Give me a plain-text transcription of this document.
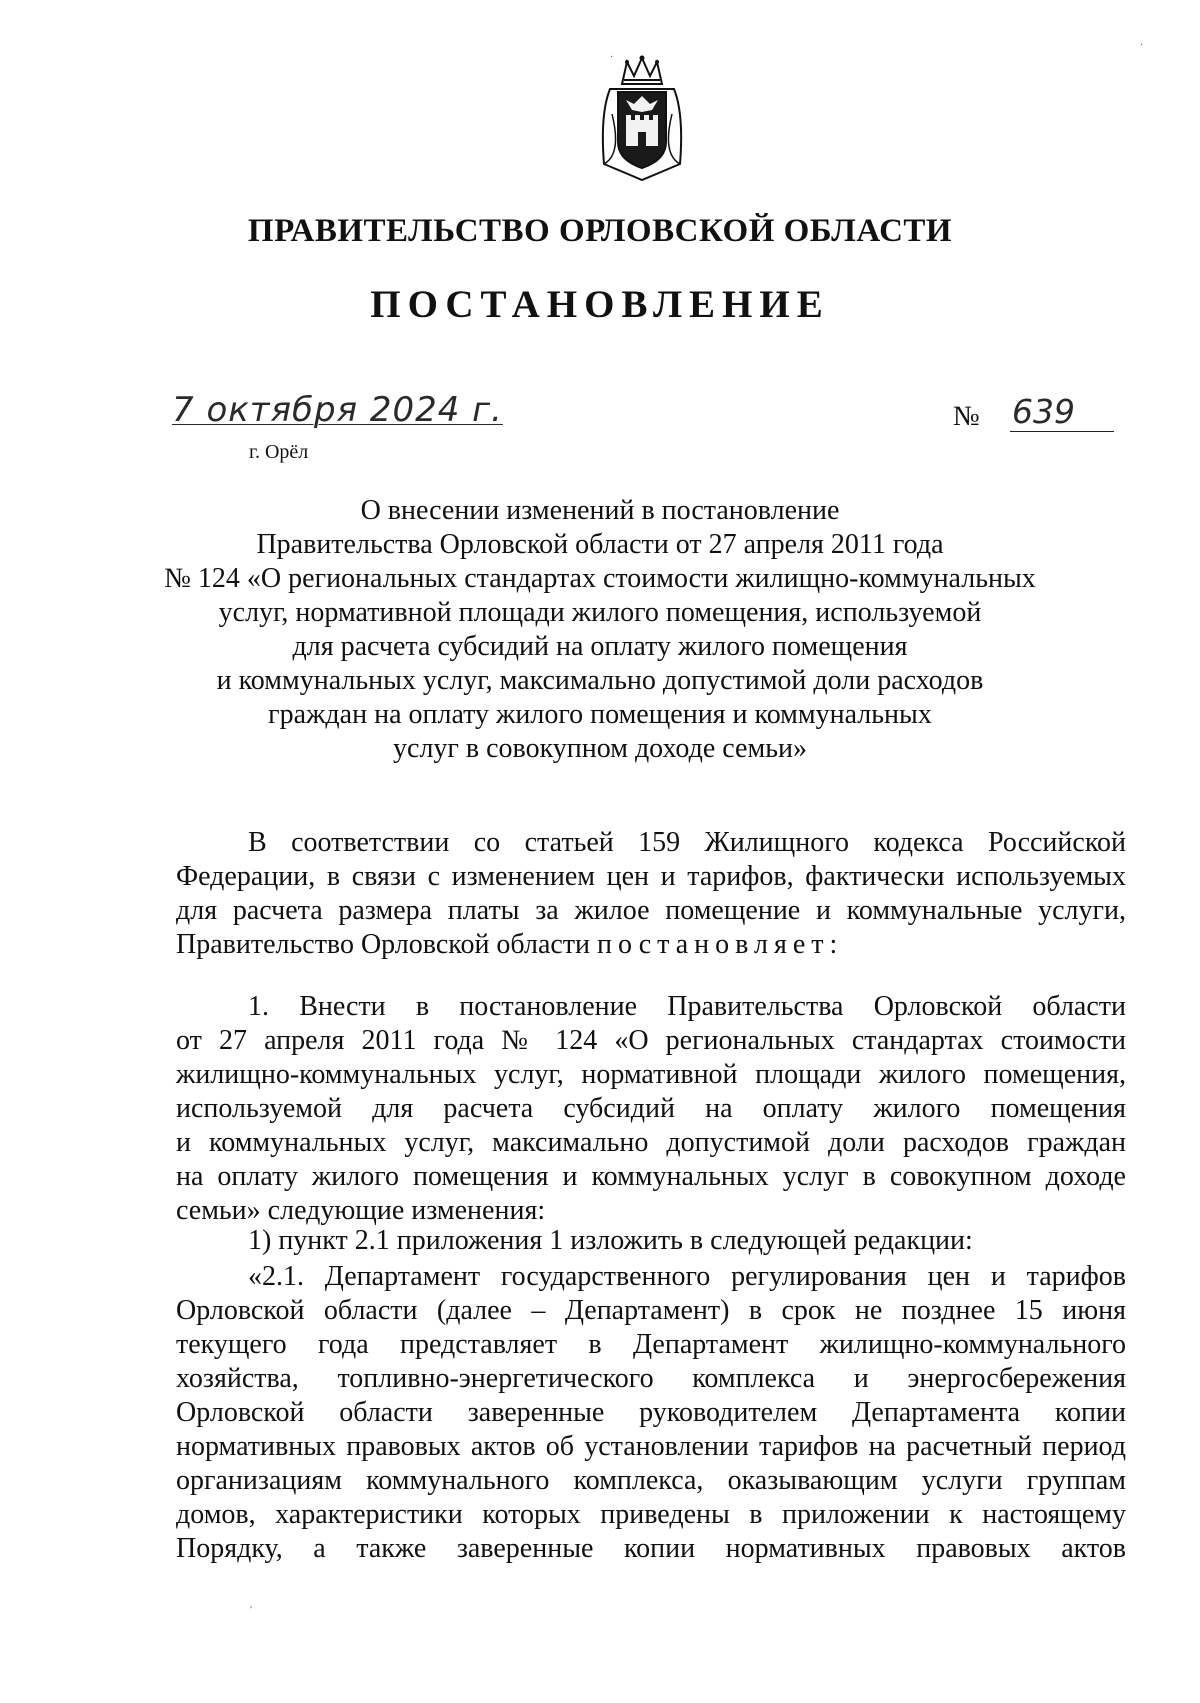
ПРАВИТЕЛЬСТВО ОРЛОВСКОЙ ОБЛАСТИ
ПОСТАНОВЛЕНИЕ
7 октября 2024 г.
г. Орёл
№ 639
О внесении изменений в постановление
Правительства Орловской области от 27 апреля 2011 года
№ 124 «О региональных стандартах стоимости жилищно-коммунальных
услуг, нормативной площади жилого помещения, используемой
для расчета субсидий на оплату жилого помещения
и коммунальных услуг, максимально допустимой доли расходов
граждан на оплату жилого помещения и коммунальных
услуг в совокупном доходе семьи»
В соответствии со статьей 159 Жилищного кодекса Российской
Федерации, в связи с изменением цен и тарифов, фактически используемых
для расчета размера платы за жилое помещение и коммунальные услуги,
Правительство Орловской области постановляет:
1. Внести в постановление Правительства Орловской области
от 27 апреля 2011 года № 124 «О региональных стандартах стоимости
жилищно-коммунальных услуг, нормативной площади жилого помещения,
используемой для расчета субсидий на оплату жилого помещения
и коммунальных услуг, максимально допустимой доли расходов граждан
на оплату жилого помещения и коммунальных услуг в совокупном доходе
семьи» следующие изменения:
1) пункт 2.1 приложения 1 изложить в следующей редакции:
«2.1. Департамент государственного регулирования цен и тарифов
Орловской области (далее – Департамент) в срок не позднее 15 июня
текущего года представляет в Департамент жилищно-коммунального
хозяйства, топливно-энергетического комплекса и энергосбережения
Орловской области заверенные руководителем Департамента копии
нормативных правовых актов об установлении тарифов на расчетный период
организациям коммунального комплекса, оказывающим услуги группам
домов, характеристики которых приведены в приложении к настоящему
Порядку, а также заверенные копии нормативных правовых актов
·
·
ʹ
